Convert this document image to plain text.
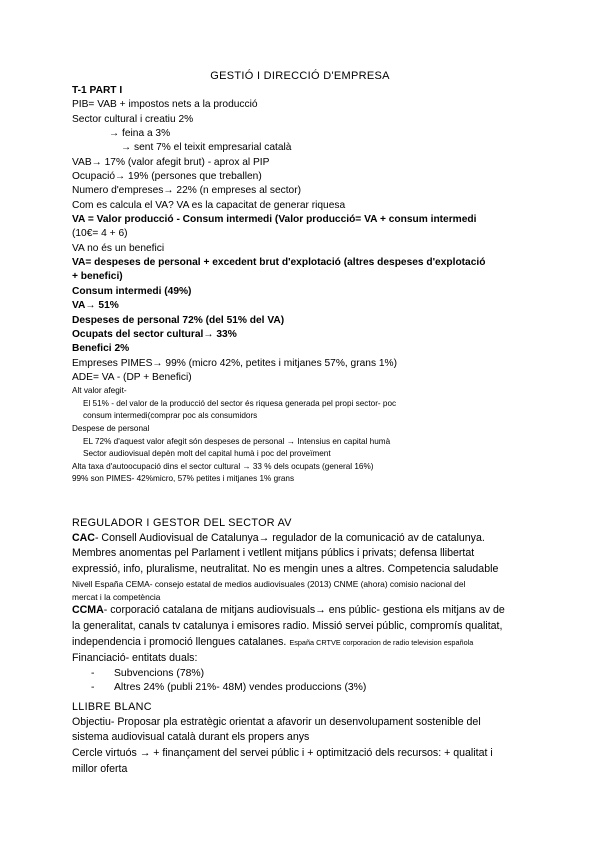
GESTIÓ I DIRECCIÓ D'EMPRESA
T-1 PART I
PIB= VAB + impostos nets a la producció
Sector cultural i creatiu 2%
→ feina a 3%
→ sent 7% el teixit empresarial català
VAB→ 17% (valor afegit brut) - aprox al PIP
Ocupació→ 19% (persones que treballen)
Numero d'empreses→ 22% (n empreses al sector)
Com es calcula el VA? VA es la capacitat de generar riquesa
VA = Valor producció - Consum intermedi (Valor producció= VA + consum intermedi
(10€= 4 + 6)
VA no és un benefici
VA= despeses de personal + excedent brut d'explotació (altres despeses d'explotació
+ benefici)
Consum intermedi (49%)
VA→ 51%
Despeses de personal 72% (del 51% del VA)
Ocupats del sector cultural→ 33%
Benefici 2%
Empreses PIMES→ 99% (micro 42%, petites i mitjanes 57%, grans 1%)
ADE= VA - (DP + Benefici)
Alt valor afegit-
El 51% - del valor de la producció del sector és riquesa generada pel propi sector- poc
consum intermedi(comprar poc als consumidors
Despese de personal
EL 72% d'aquest valor afegit són despeses de personal → Intensius en capital humà
Sector audiovisual depèn molt del capital humà i poc del proveïment
Alta taxa d'autoocupació dins el sector cultural → 33 % dels ocupats (general 16%)
99% son PIMES- 42%micro, 57% petites i mitjanes 1% grans
REGULADOR I GESTOR DEL SECTOR AV
CAC- Consell Audiovisual de Catalunya→ regulador de la comunicació av de catalunya.
Membres anomentas pel Parlament i vetllent mitjans públics i privats; defensa llibertat
expressió, info, pluralisme, neutralitat. No es mengin unes a altres. Competencia saludable
Nivell España CEMA- consejo estatal de medios audiovisuales (2013) CNME (ahora) comisio nacional del
mercat i la competència
CCMA- corporació catalana de mitjans audiovisuals→ ens públic- gestiona els mitjans av de
la generalitat, canals tv catalunya i emisores radio. Missió servei públic, compromís qualitat,
independencia i promoció llengues catalanes. España CRTVE corporacion de radio television española
Financiació- entitats duals:
- Subvencions (78%)
- Altres 24% (publi 21%- 48M) vendes produccions (3%)
LLIBRE BLANC
Objectiu- Proposar pla estratègic orientat a afavorir un desenvolupament sostenible del
sistema audiovisual català durant els propers anys
Cercle virtuós → + finançament del servei públic i + optimització dels recursos: + qualitat i
millor oferta
